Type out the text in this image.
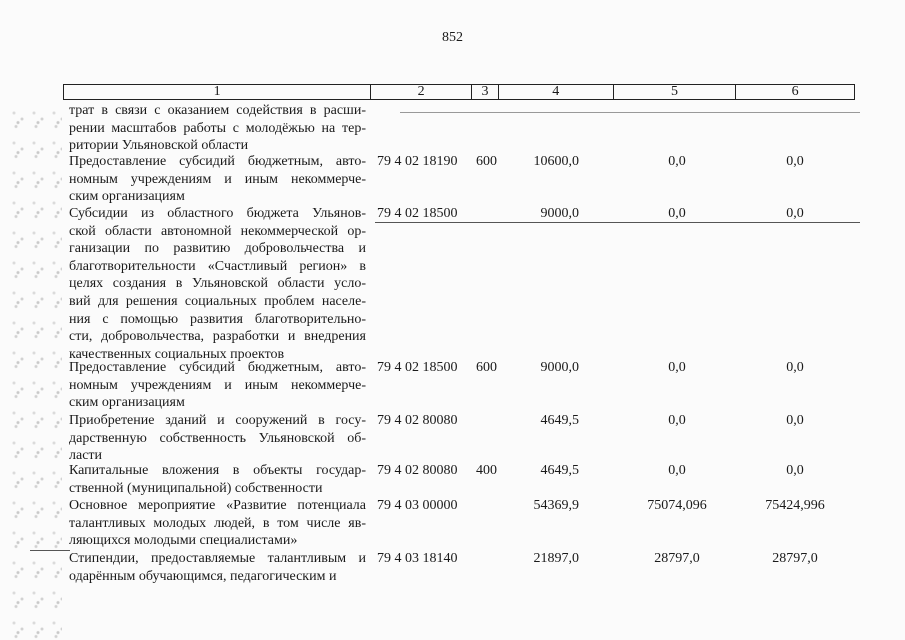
852
1	2	3	4	5	6
трат в связи с оказанием содействия в расши-
рении масштабов работы с молодёжью на тер-
ритории Ульяновской области
Предоставление субсидий бюджетным, авто-
номным учреждениям и иным некоммерче-
ским организациям
79 4 02 18190 600	10600,0	0,0	0,0
Субсидии из областного бюджета Ульянов-
ской области автономной некоммерческой ор-
ганизации по развитию добровольчества и
благотворительности «Счастливый регион» в
целях создания в Ульяновской области усло-
вий для решения социальных проблем населе-
ния с помощью развития благотворительно-
сти, добровольчества, разработки и внедрения
качественных социальных проектов
79 4 02 18500	9000,0	0,0	0,0
Предоставление субсидий бюджетным, авто-
номным учреждениям и иным некоммерче-
ским организациям
79 4 02 18500 600	9000,0	0,0	0,0
Приобретение зданий и сооружений в госу-
дарственную собственность Ульяновской об-
ласти
79 4 02 80080	4649,5	0,0	0,0
Капитальные вложения в объекты государ-
ственной (муниципальной) собственности
79 4 02 80080 400	4649,5	0,0	0,0
Основное мероприятие «Развитие потенциала
талантливых молодых людей, в том числе яв-
ляющихся молодыми специалистами»
79 4 03 00000	54369,9	75074,096	75424,996
Стипендии, предоставляемые талантливым и
одарённым обучающимся, педагогическим и
79 4 03 18140	21897,0	28797,0	28797,0
